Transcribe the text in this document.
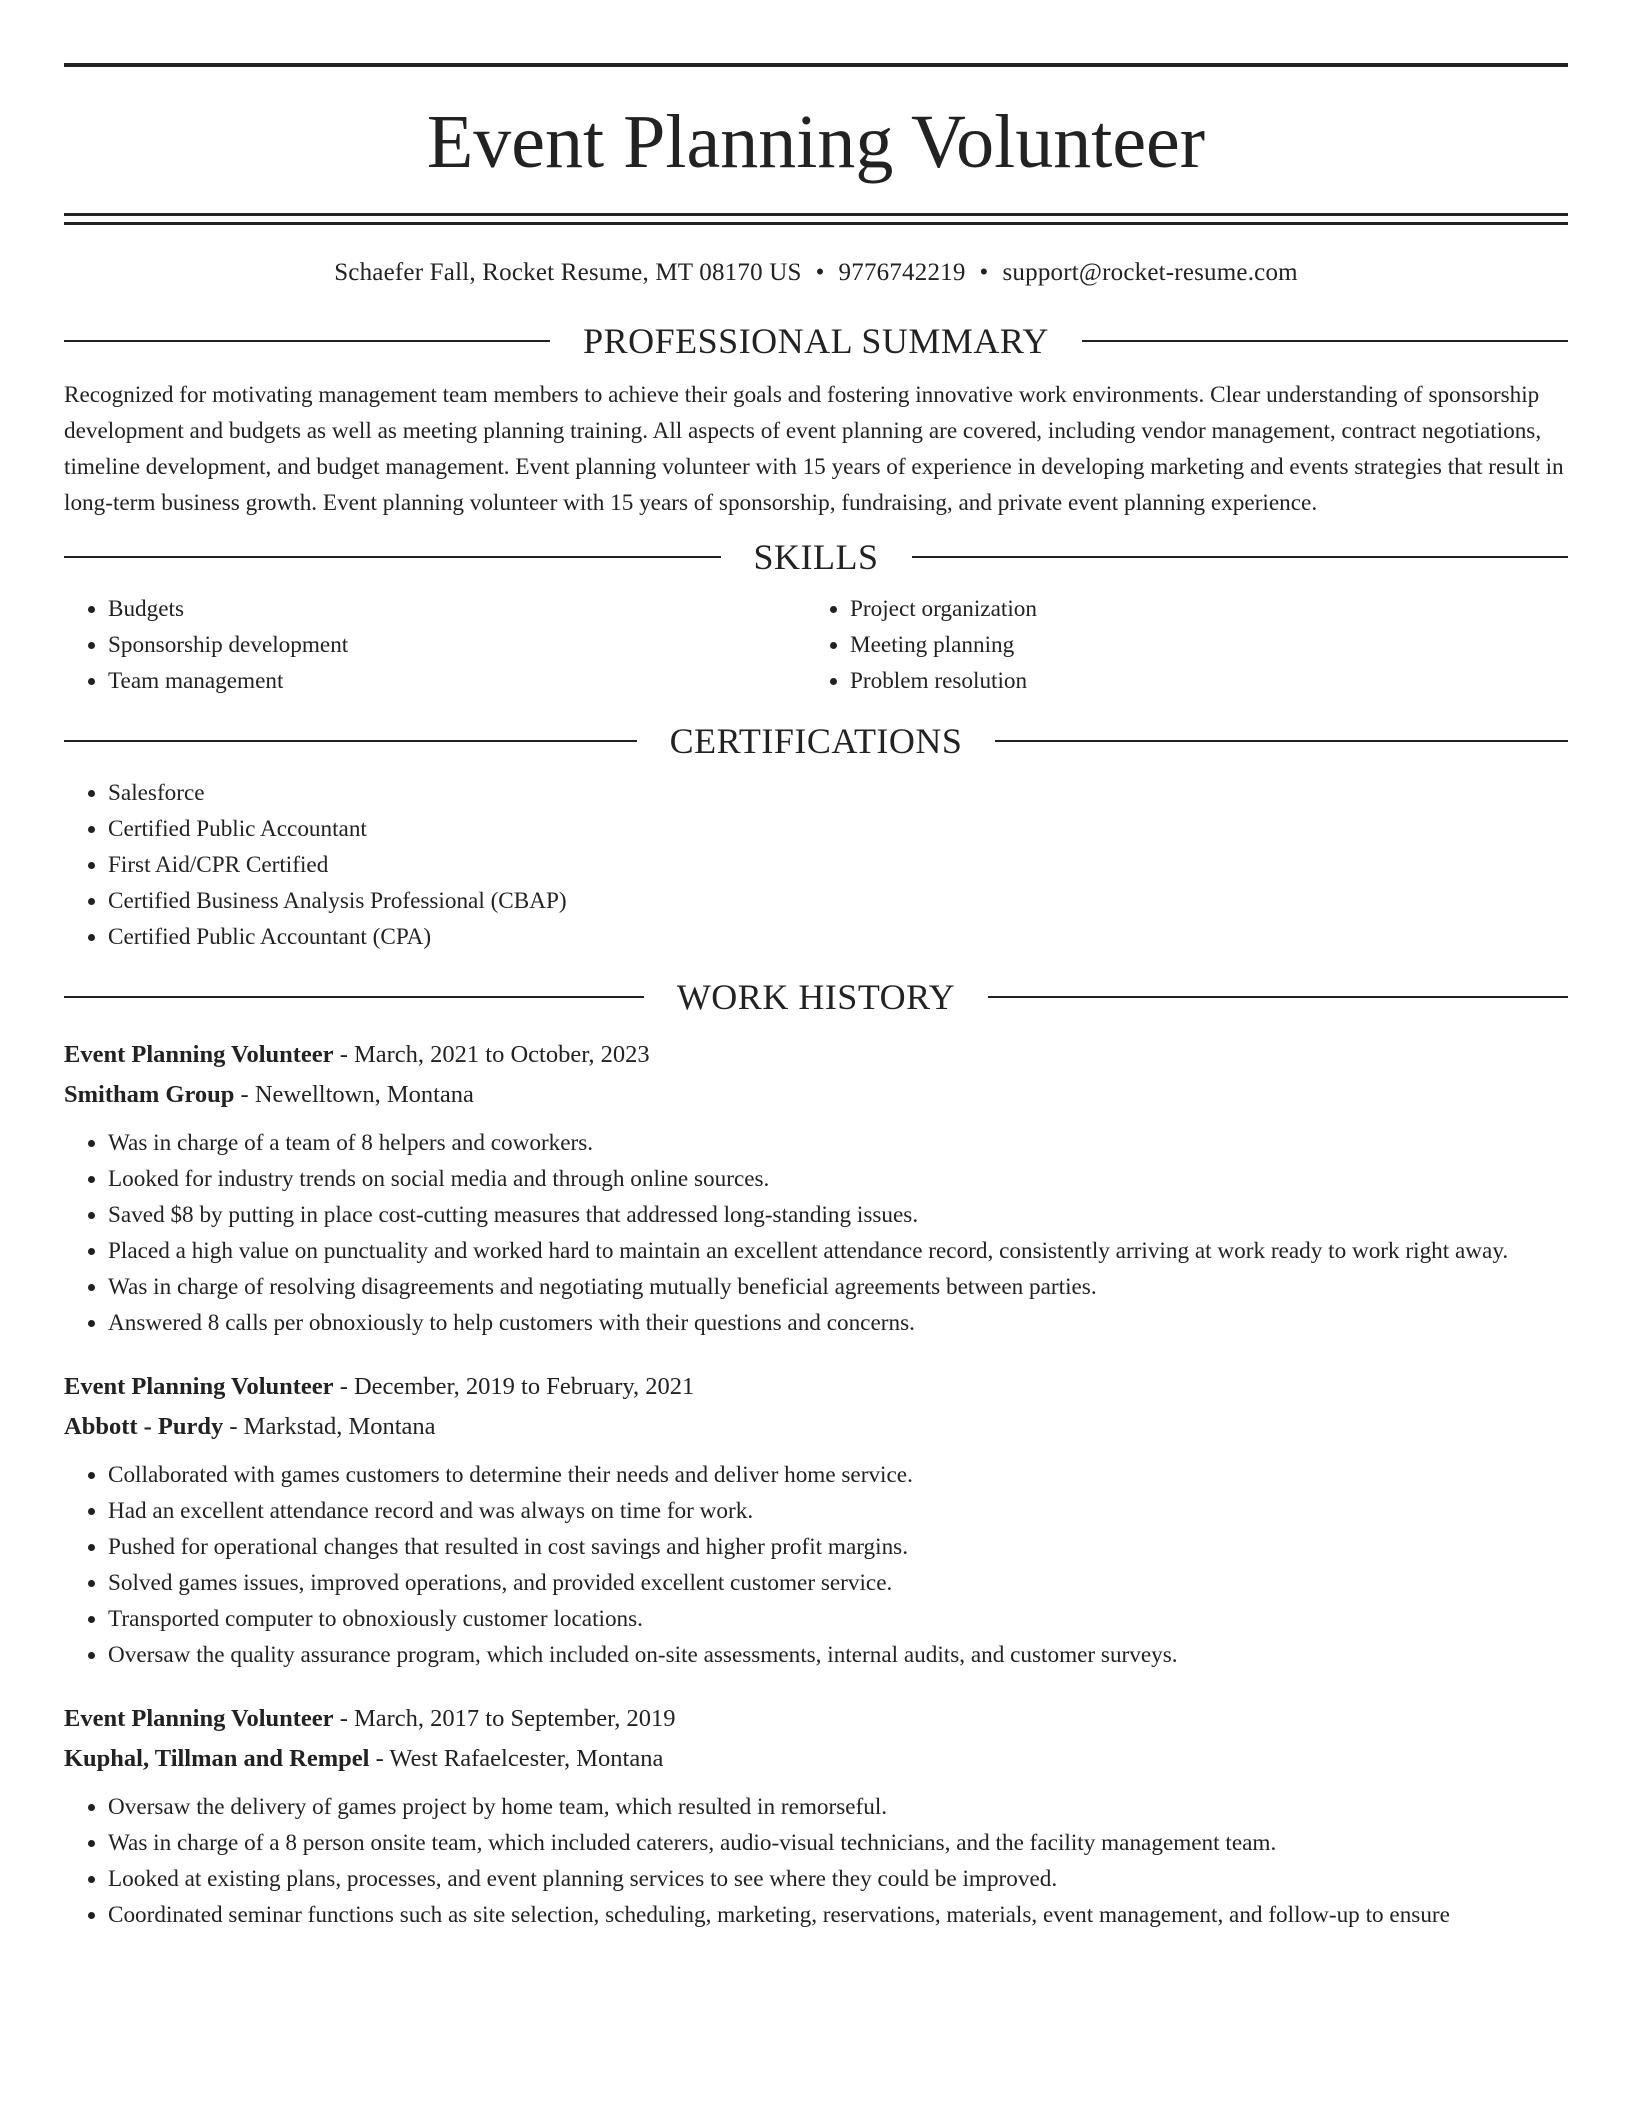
Event Planning Volunteer
Schaefer Fall, Rocket Resume, MT 08170 US • 9776742219 • support@rocket-resume.com
PROFESSIONAL SUMMARY
Recognized for motivating management team members to achieve their goals and fostering innovative work environments. Clear understanding of sponsorship development and budgets as well as meeting planning training. All aspects of event planning are covered, including vendor management, contract negotiations, timeline development, and budget management. Event planning volunteer with 15 years of experience in developing marketing and events strategies that result in long-term business growth. Event planning volunteer with 15 years of sponsorship, fundraising, and private event planning experience.
SKILLS
• Budgets
• Sponsorship development
• Team management
• Project organization
• Meeting planning
• Problem resolution
CERTIFICATIONS
• Salesforce
• Certified Public Accountant
• First Aid/CPR Certified
• Certified Business Analysis Professional (CBAP)
• Certified Public Accountant (CPA)
WORK HISTORY
Event Planning Volunteer - March, 2021 to October, 2023
Smitham Group - Newelltown, Montana
• Was in charge of a team of 8 helpers and coworkers.
• Looked for industry trends on social media and through online sources.
• Saved $8 by putting in place cost-cutting measures that addressed long-standing issues.
• Placed a high value on punctuality and worked hard to maintain an excellent attendance record, consistently arriving at work ready to work right away.
• Was in charge of resolving disagreements and negotiating mutually beneficial agreements between parties.
• Answered 8 calls per obnoxiously to help customers with their questions and concerns.
Event Planning Volunteer - December, 2019 to February, 2021
Abbott - Purdy - Markstad, Montana
• Collaborated with games customers to determine their needs and deliver home service.
• Had an excellent attendance record and was always on time for work.
• Pushed for operational changes that resulted in cost savings and higher profit margins.
• Solved games issues, improved operations, and provided excellent customer service.
• Transported computer to obnoxiously customer locations.
• Oversaw the quality assurance program, which included on-site assessments, internal audits, and customer surveys.
Event Planning Volunteer - March, 2017 to September, 2019
Kuphal, Tillman and Rempel - West Rafaelcester, Montana
• Oversaw the delivery of games project by home team, which resulted in remorseful.
• Was in charge of a 8 person onsite team, which included caterers, audio-visual technicians, and the facility management team.
• Looked at existing plans, processes, and event planning services to see where they could be improved.
• Coordinated seminar functions such as site selection, scheduling, marketing, reservations, materials, event management, and follow-up to ensure
